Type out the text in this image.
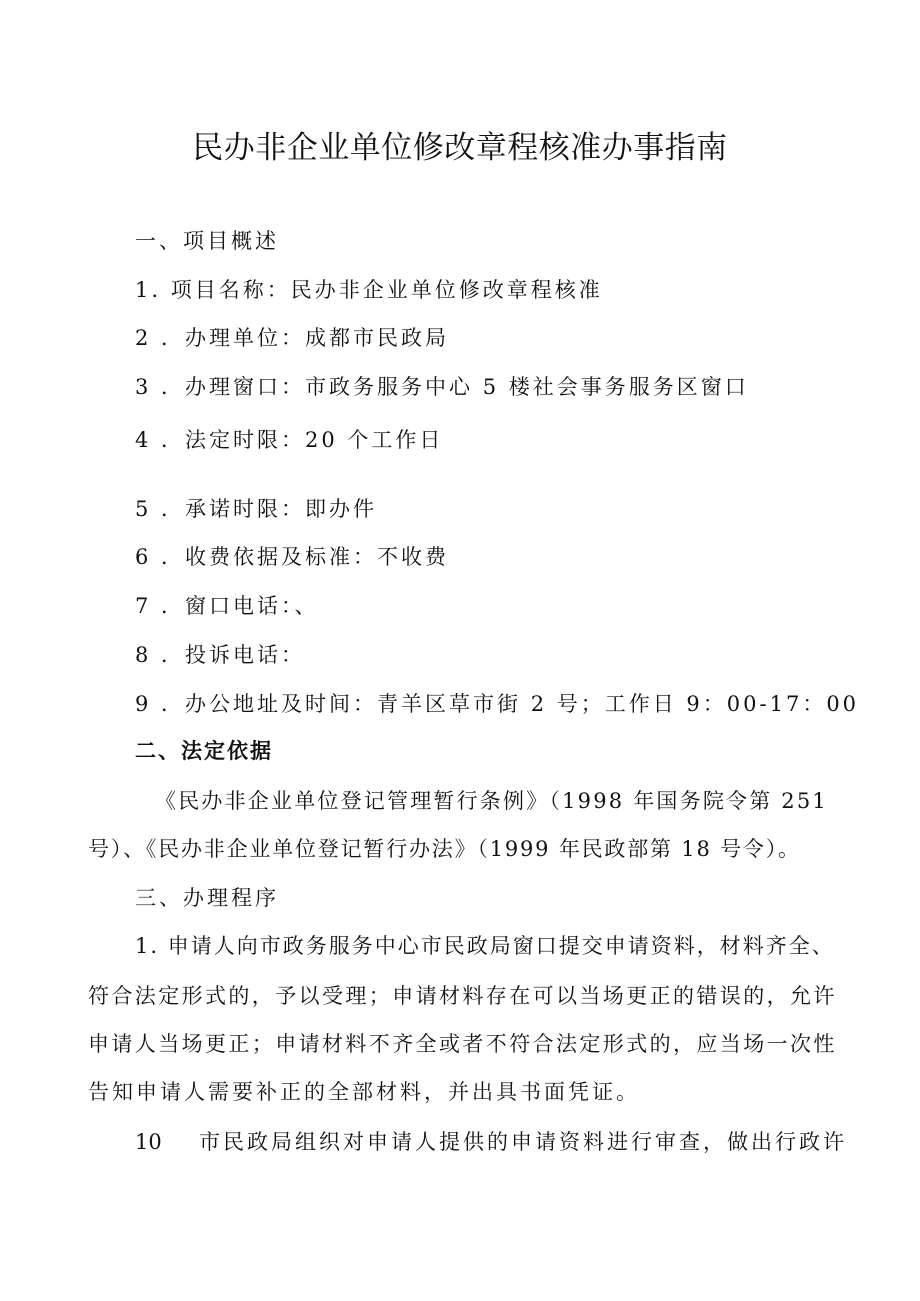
民办非企业单位修改章程核准办事指南
一、项目概述
1. 项目名称：民办非企业单位修改章程核准
2 ．办理单位：成都市民政局
3 ．办理窗口：市政务服务中心 5 楼社会事务服务区窗口
4 ．法定时限：20 个工作日
5 ．承诺时限：即办件
6 ．收费依据及标准：不收费
7 ．窗口电话：、
8 ．投诉电话：
9 ．办公地址及时间：青羊区草市街 2 号；工作日 9：00-17：00
二、法定依据
《民办非企业单位登记管理暂行条例》（1998 年国务院令第 251
号）、《民办非企业单位登记暂行办法》（1999 年民政部第 18 号令）。
三、办理程序
1. 申请人向市政务服务中心市民政局窗口提交申请资料，材料齐全、
符合法定形式的，予以受理；申请材料存在可以当场更正的错误的，允许
申请人当场更正；申请材料不齐全或者不符合法定形式的，应当场一次性
告知申请人需要补正的全部材料，并出具书面凭证。
10 市民政局组织对申请人提供的申请资料进行审查，做出行政许
